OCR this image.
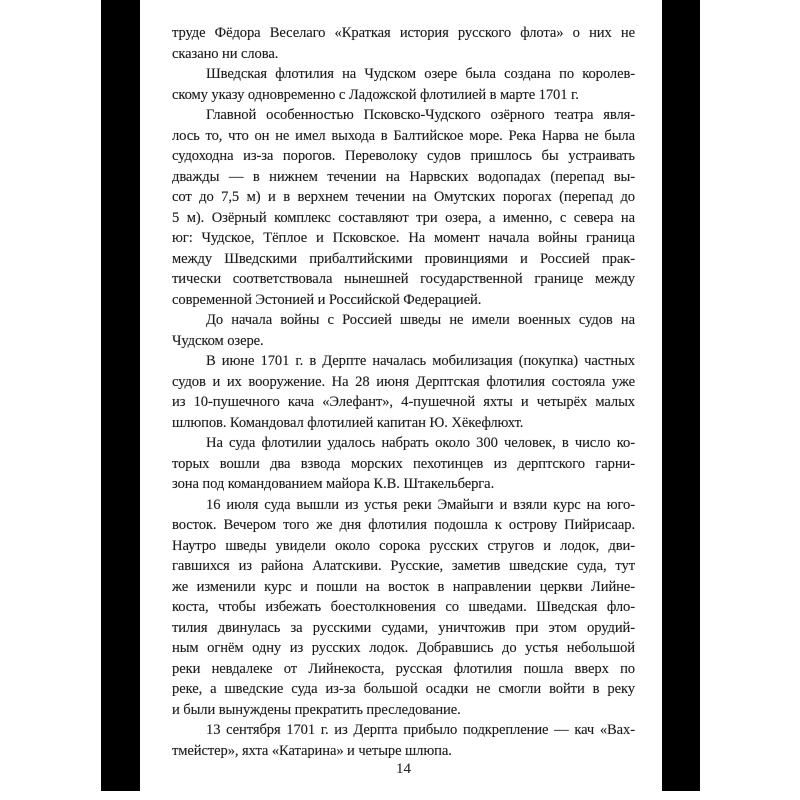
труде Фёдора Веселаго «Краткая история русского флота» о них не
сказано ни слова.
Шведская флотилия на Чудском озере была создана по королев-
скому указу одновременно с Ладожской флотилией в марте 1701 г.
Главной особенностью Псковско-Чудского озёрного театра явля-
лось то, что он не имел выхода в Балтийское море. Река Нарва не была
судоходна из-за порогов. Переволоку судов пришлось бы устраивать
дважды — в нижнем течении на Нарвских водопадах (перепад вы-
сот до 7,5 м) и в верхнем течении на Омутских порогах (перепад до
5 м). Озёрный комплекс составляют три озера, а именно, с севера на
юг: Чудское, Тёплое и Псковское. На момент начала войны граница
между Шведскими прибалтийскими провинциями и Россией прак-
тически соответствовала нынешней государственной границе между
современной Эстонией и Российской Федерацией.
До начала войны с Россией шведы не имели военных судов на
Чудском озере.
В июне 1701 г. в Дерпте началась мобилизация (покупка) частных
судов и их вооружение. На 28 июня Дерптская флотилия состояла уже
из 10-пушечного кача «Элефант», 4-пушечной яхты и четырёх малых
шлюпов. Командовал флотилией капитан Ю. Хёкефлюхт.
На суда флотилии удалось набрать около 300 человек, в число ко-
торых вошли два взвода морских пехотинцев из дерптского гарни-
зона под командованием майора К.В. Штакельберга.
16 июля суда вышли из устья реки Эмайыги и взяли курс на юго-
восток. Вечером того же дня флотилия подошла к острову Пийрисаар.
Наутро шведы увидели около сорока русских стругов и лодок, дви-
гавшихся из района Алатскиви. Русские, заметив шведские суда, тут
же изменили курс и пошли на восток в направлении церкви Лийне-
коста, чтобы избежать боестолкновения со шведами. Шведская фло-
тилия двинулась за русскими судами, уничтожив при этом орудий-
ным огнём одну из русских лодок. Добравшись до устья небольшой
реки невдалеке от Лийнекоста, русская флотилия пошла вверх по
реке, а шведские суда из-за большой осадки не смогли войти в реку
и были вынуждены прекратить преследование.
13 сентября 1701 г. из Дерпта прибыло подкрепление — кач «Вах-
тмейстер», яхта «Катарина» и четыре шлюпа.
14
